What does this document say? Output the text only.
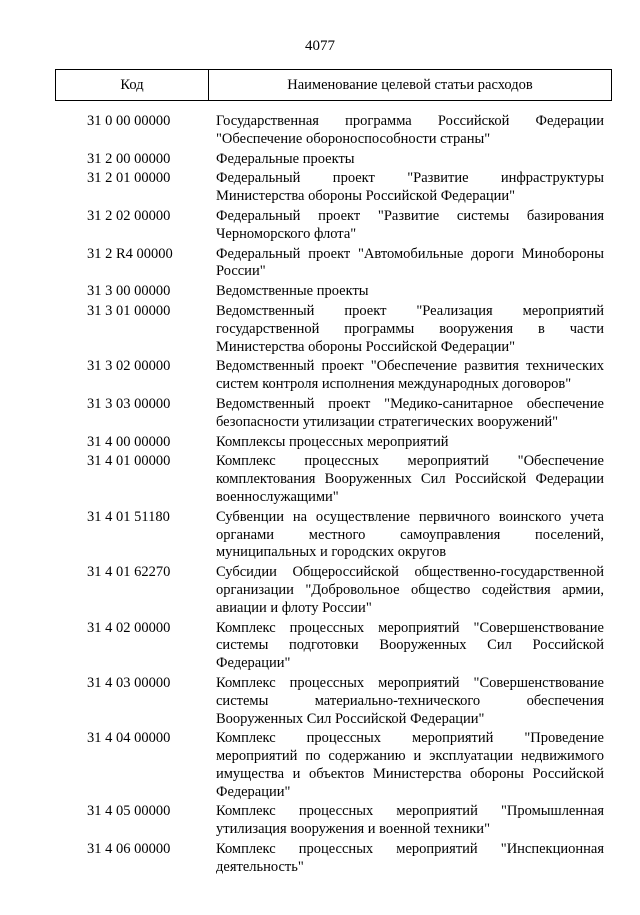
4077
Код	Наименование целевой статьи расходов
31 0 00 00000	Государственная программа Российской Федерации "Обеспечение обороноспособности страны"
31 2 00 00000	Федеральные проекты
31 2 01 00000	Федеральный проект "Развитие инфраструктуры Министерства обороны Российской Федерации"
31 2 02 00000	Федеральный проект "Развитие системы базирования Черноморского флота"
31 2 R4 00000	Федеральный проект "Автомобильные дороги Минобороны России"
31 3 00 00000	Ведомственные проекты
31 3 01 00000	Ведомственный проект "Реализация мероприятий государственной программы вооружения в части Министерства обороны Российской Федерации"
31 3 02 00000	Ведомственный проект "Обеспечение развития технических систем контроля исполнения международных договоров"
31 3 03 00000	Ведомственный проект "Медико-санитарное обеспечение безопасности утилизации стратегических вооружений"
31 4 00 00000	Комплексы процессных мероприятий
31 4 01 00000	Комплекс процессных мероприятий "Обеспечение комплектования Вооруженных Сил Российской Федерации военнослужащими"
31 4 01 51180	Субвенции на осуществление первичного воинского учета органами местного самоуправления поселений, муниципальных и городских округов
31 4 01 62270	Субсидии Общероссийской общественно-государственной организации "Добровольное общество содействия армии, авиации и флоту России"
31 4 02 00000	Комплекс процессных мероприятий "Совершенствование системы подготовки Вооруженных Сил Российской Федерации"
31 4 03 00000	Комплекс процессных мероприятий "Совершенствование системы материально-технического обеспечения Вооруженных Сил Российской Федерации"
31 4 04 00000	Комплекс процессных мероприятий "Проведение мероприятий по содержанию и эксплуатации недвижимого имущества и объектов Министерства обороны Российской Федерации"
31 4 05 00000	Комплекс процессных мероприятий "Промышленная утилизация вооружения и военной техники"
31 4 06 00000	Комплекс процессных мероприятий "Инспекционная деятельность"
